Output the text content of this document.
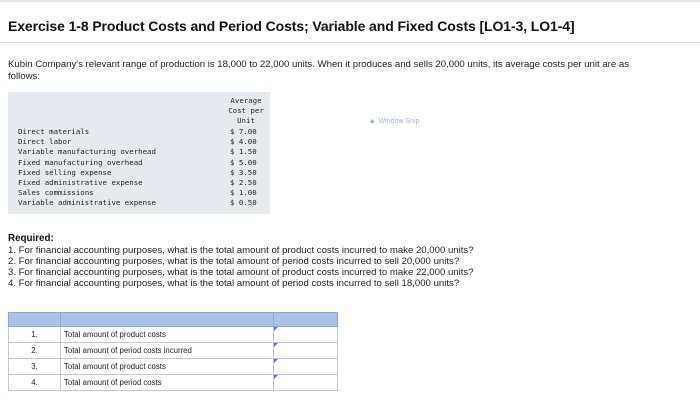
Exercise 1-8 Product Costs and Period Costs; Variable and Fixed Costs [LO1-3, LO1-4]

Kubin Company's relevant range of production is 18,000 to 22,000 units. When it produces and sells 20,000 units, its average costs per unit are as follows:

Average
Cost per
Unit
Direct materials	$ 7.00
Direct labor	$ 4.00
Variable manufacturing overhead	$ 1.50
Fixed manufacturing overhead	$ 5.00
Fixed selling expense	$ 3.50
Fixed administrative expense	$ 2.50
Sales commissions	$ 1.00
Variable administrative expense	$ 0.50
◆ Window Snip
Required:
1. For financial accounting purposes, what is the total amount of product costs incurred to make 20,000 units?
2. For financial accounting purposes, what is the total amount of period costs incurred to sell 20,000 units?
3. For financial accounting purposes, what is the total amount of product costs incurred to make 22,000 units?
4. For financial accounting purposes, what is the total amount of period costs incurred to sell 18,000 units?

1.	Total amount of product costs	
2.	Total amount of period costs incurred	
3.	Total amount of product costs	
4.	Total amount of period costs	
